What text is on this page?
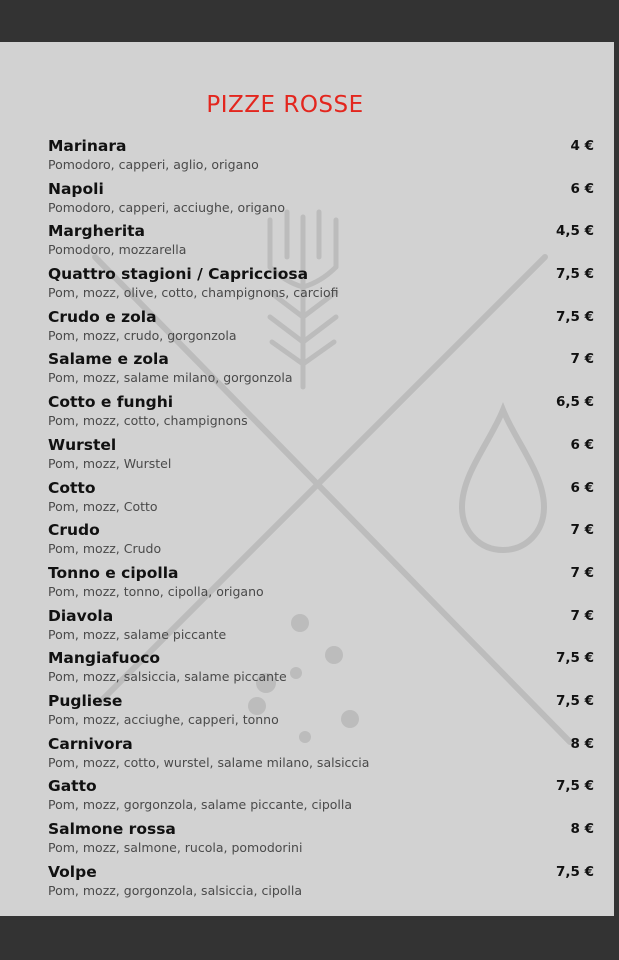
PIZZE ROSSE
Marinara	4 €
Pomodoro, capperi, aglio, origano
Napoli	6 €
Pomodoro, capperi, acciughe, origano
Margherita	4,5 €
Pomodoro, mozzarella
Quattro stagioni / Capricciosa	7,5 €
Pom, mozz, olive, cotto, champignons, carciofi
Crudo e zola	7,5 €
Pom, mozz, crudo, gorgonzola
Salame e zola	7 €
Pom, mozz, salame milano, gorgonzola
Cotto e funghi	6,5 €
Pom, mozz, cotto, champignons
Wurstel	6 €
Pom, mozz, Wurstel
Cotto	6 €
Pom, mozz, Cotto
Crudo	7 €
Pom, mozz, Crudo
Tonno e cipolla	7 €
Pom, mozz, tonno, cipolla, origano
Diavola	7 €
Pom, mozz, salame piccante
Mangiafuoco	7,5 €
Pom, mozz, salsiccia, salame piccante
Pugliese	7,5 €
Pom, mozz, acciughe, capperi, tonno
Carnivora	8 €
Pom, mozz, cotto, wurstel, salame milano, salsiccia
Gatto	7,5 €
Pom, mozz, gorgonzola, salame piccante, cipolla
Salmone rossa	8 €
Pom, mozz, salmone, rucola, pomodorini
Volpe	7,5 €
Pom, mozz, gorgonzola, salsiccia, cipolla
